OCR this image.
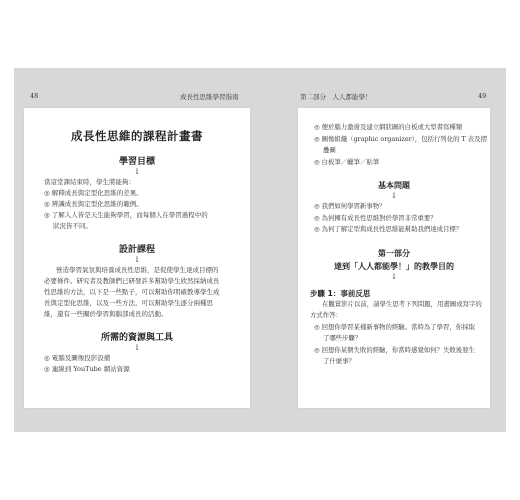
48	成長性思維學習指南	第二部分　人人都能學！	49
成長性思維的課程計畫書
學習目標
↓
當這堂課結束時，學生將能夠：
◎ 解釋成長與定型化思維的差異。
◎ 辨識成長與定型化思維的範例。
◎ 了解人人皆是天生能夠學習，而每個人在學習過程中的
狀況皆不同。
設計課程
↓
營造學習氣氛與培養成長性思維，是促使學生達成目標的
必要條件。研究者及教師們已研發許多幫助學生欣然採納成長
性思維的方法，以下是一些點子，可以幫助你明確教導學生成
長與定型化思維，以及一些方法，可以幫助學生逐分兩種思
維，還有一些關於學習與腦部成長的活動。
所需的資源與工具
↓
◎ 電腦及圖像投影設備
◎ 連線到 YouTube 網站資源
◎ 便於腦力激盪及建立網狀圖的白板或大型書寫種類
◎ 圖像組織（graphic organizer），包括行列化的 T 表及摺
疊圖
◎ 白板筆／蠟筆／貼筆
基本問題
↓
◎ 我們如何學習新事物？
◎ 為何擁有成長性思維對於學習非常重要？
◎ 為何了解定型與成長性思維能幫助我們達成目標？
第一部分
達到「人人都能學！」的教學目的
↓
步驟 1：事前反思
在觀賞影片以前，請學生思考下列問題，用畫圖或寫字的
方式作答：
◎ 回想你學習某樣新事物的經驗。當時為了學習，你採取
了哪些步驟？
◎ 回想你某個失敗的經驗，你當時感覺如何？失敗後發生
了什麼事？
